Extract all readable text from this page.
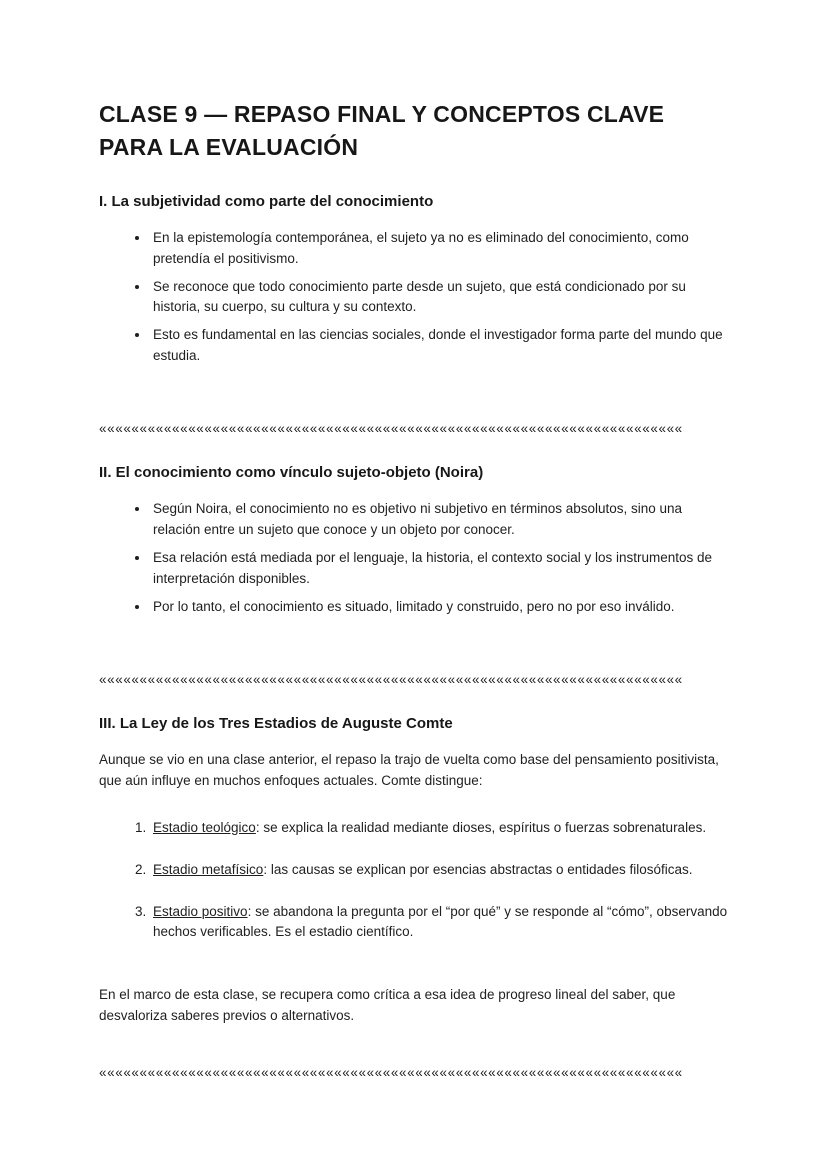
CLASE 9 — REPASO FINAL Y CONCEPTOS CLAVE PARA LA EVALUACIÓN
I. La subjetividad como parte del conocimiento
• En la epistemología contemporánea, el sujeto ya no es eliminado del conocimiento, como pretendía el positivismo.
• Se reconoce que todo conocimiento parte desde un sujeto, que está condicionado por su historia, su cuerpo, su cultura y su contexto.
• Esto es fundamental en las ciencias sociales, donde el investigador forma parte del mundo que estudia.
««««««««««««««««««««««««««««««««««««««««««««««««««««««««««««««««««««««««
II. El conocimiento como vínculo sujeto-objeto (Noira)
• Según Noira, el conocimiento no es objetivo ni subjetivo en términos absolutos, sino una relación entre un sujeto que conoce y un objeto por conocer.
• Esa relación está mediada por el lenguaje, la historia, el contexto social y los instrumentos de interpretación disponibles.
• Por lo tanto, el conocimiento es situado, limitado y construido, pero no por eso inválido.
««««««««««««««««««««««««««««««««««««««««««««««««««««««««««««««««««««««««
III. La Ley de los Tres Estadios de Auguste Comte

Aunque se vio en una clase anterior, el repaso la trajo de vuelta como base del pensamiento positivista, que aún influye en muchos enfoques actuales. Comte distingue:

1. Estadio teológico: se explica la realidad mediante dioses, espíritus o fuerzas sobrenaturales.
2. Estadio metafísico: las causas se explican por esencias abstractas o entidades filosóficas.
3. Estadio positivo: se abandona la pregunta por el “por qué” y se responde al “cómo”, observando hechos verificables. Es el estadio científico.

En el marco de esta clase, se recupera como crítica a esa idea de progreso lineal del saber, que desvaloriza saberes previos o alternativos.

««««««««««««««««««««««««««««««««««««««««««««««««««««««««««««««««««««««««
